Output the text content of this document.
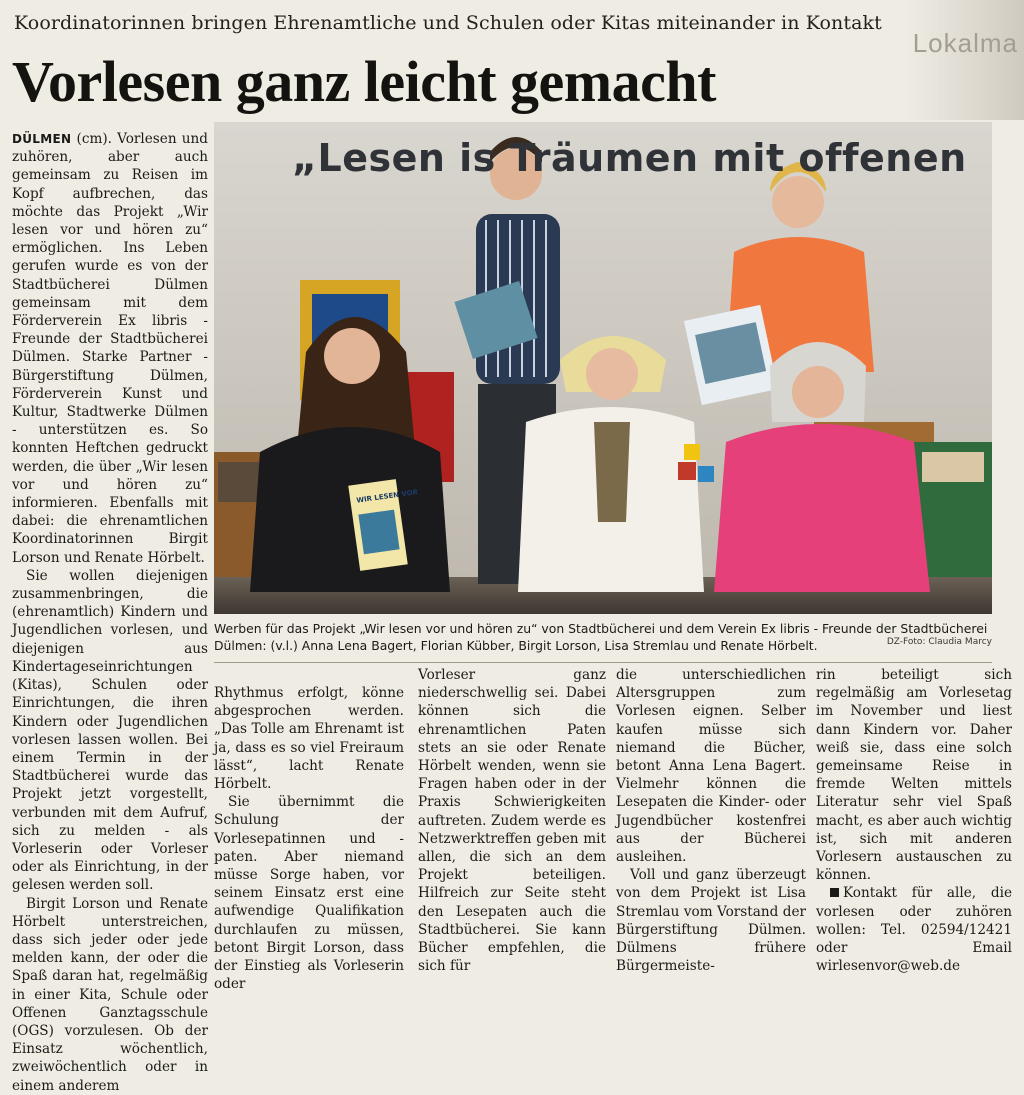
Lokalma
Koordinatorinnen bringen Ehrenamtliche und Schulen oder Kitas miteinander in Kontakt
Vorlesen ganz leicht gemacht

DÜLMEN (cm). Vorlesen und zuhören, aber auch gemeinsam zu Reisen im Kopf aufbrechen, das möchte das Projekt „Wir lesen vor und hören zu“ ermöglichen. Ins Leben gerufen wurde es von der Stadtbücherei Dülmen gemeinsam mit dem Förderverein Ex libris - Freunde der Stadtbücherei Dülmen. Starke Partner - Bürgerstiftung Dülmen, Förderverein Kunst und Kultur, Stadtwerke Dülmen - unterstützen es. So konnten Heftchen gedruckt werden, die über „Wir lesen vor und hören zu“ informieren. Ebenfalls mit dabei: die ehrenamtlichen Koordinatorinnen Birgit Lorson und Renate Hörbelt.

Sie wollen diejenigen zusammenbringen, die (ehrenamtlich) Kindern und Jugendlichen vorlesen, und diejenigen aus Kindertageseinrichtungen (Kitas), Schulen oder Einrichtungen, die ihren Kindern oder Jugendlichen vorlesen lassen wollen. Bei einem Termin in der Stadtbücherei wurde das Projekt jetzt vorgestellt, verbunden mit dem Aufruf, sich zu melden - als Vorleserin oder Vorleser oder als Einrichtung, in der gelesen werden soll.

Birgit Lorson und Renate Hörbelt unterstreichen, dass sich jeder oder jede melden kann, der oder die Spaß daran hat, regelmäßig in einer Kita, Schule oder Offenen Ganztagsschule (OGS) vorzulesen. Ob der Einsatz wöchentlich, zweiwöchentlich oder in einem anderem

WIR LESEN VOR
„Lesen is Träumen mit offenen
Werben für das Projekt „Wir lesen vor und hören zu“ von Stadtbücherei und dem Verein Ex libris - Freunde der Stadtbücherei Dülmen: (v.l.) Anna Lena Bagert, Florian Kübber, Birgit Lorson, Lisa Stremlau und Renate Hörbelt.	DZ-Foto: Claudia Marcy

Rhythmus erfolgt, könne abgesprochen werden. „Das Tolle am Ehrenamt ist ja, dass es so viel Freiraum lässt“, lacht Renate Hörbelt.

Sie übernimmt die Schulung der Vorlesepatinnen und -paten. Aber niemand müsse Sorge haben, vor seinem Einsatz erst eine aufwendige Qualifikation durchlaufen zu müssen, betont Birgit Lorson, dass der Einstieg als Vorleserin oder

Vorleser ganz niederschwellig sei. Dabei können sich die ehrenamtlichen Paten stets an sie oder Renate Hörbelt wenden, wenn sie Fragen haben oder in der Praxis Schwierigkeiten auftreten. Zudem werde es Netzwerktreffen geben mit allen, die sich an dem Projekt beteiligen. Hilfreich zur Seite steht den Lesepaten auch die Stadtbücherei. Sie kann Bücher empfehlen, die sich für

die unterschiedlichen Altersgruppen zum Vorlesen eignen. Selber kaufen müsse sich niemand die Bücher, betont Anna Lena Bagert. Vielmehr können die Lesepaten die Kinder- oder Jugendbücher kostenfrei aus der Bücherei ausleihen.

Voll und ganz überzeugt von dem Projekt ist Lisa Stremlau vom Vorstand der Bürgerstiftung Dülmen. Dülmens frühere Bürgermeiste-

rin beteiligt sich regelmäßig am Vorlesetag im November und liest dann Kindern vor. Daher weiß sie, dass eine solch gemeinsame Reise in fremde Welten mittels Literatur sehr viel Spaß macht, es aber auch wichtig ist, sich mit anderen Vorlesern austauschen zu können.

Kontakt für alle, die vorlesen oder zuhören wollen: Tel. 02594/12421 oder Email wirlesenvor@web.de
